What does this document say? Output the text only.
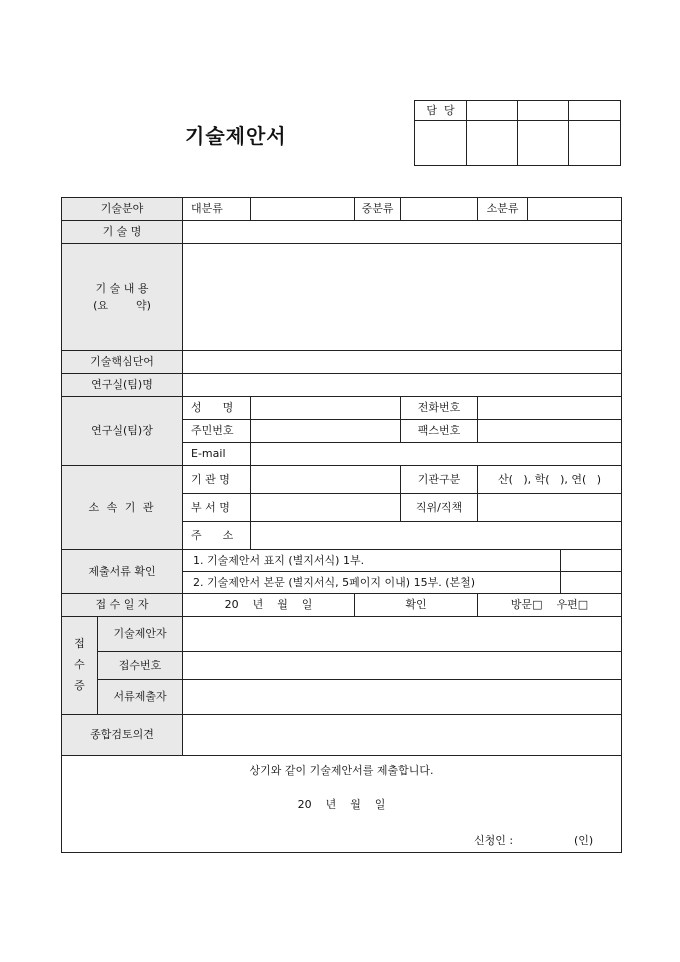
기술제안서
담  당			

기술분야		대분류		중분류		소분류		
기 술 명								

기 술 내 용
(요        약)								

기술핵심단어								
연구실(팀)명								
연구실(팀)장		성      명			전화번호			
		주민번호			팩스번호			
		E-mail						
소 속 기 관		기 관 명			기관구분	산(   ), 학(   ), 연(   )		
		부 서 명			직위/직책			
		주      소						
제출서류 확인		1. 기술제안서 표지 (별지서식) 1부.						
		2. 기술제안서 본문 (별지서식, 5페이지 이내) 15부. (본철)						
접 수 일 자		20    년    월    일		확인		방문□    우편□		

접
수
증	기술제안자							
	접수번호							
	서류제출자							
종합검토의견								

상기와 같이 기술제안서를 제출합니다.
20    년    월    일
신청인 : (인)								
